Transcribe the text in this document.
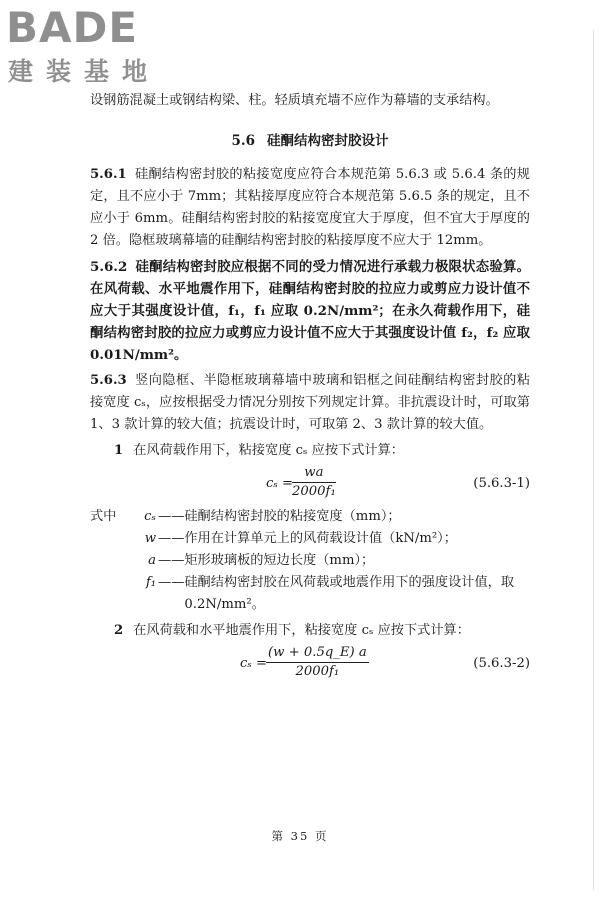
BADE
建装基地

设钢筋混凝土或钢结构梁、柱。轻质填充墙不应作为幕墙的支承结构。

5.6 硅酮结构密封胶设计

5.6.1 硅酮结构密封胶的粘接宽度应符合本规范第 5.6.3 或 5.6.4 条的规定，且不应小于 7mm；其粘接厚度应符合本规范第 5.6.5 条的规定，且不应小于 6mm。硅酮结构密封胶的粘接宽度宜大于厚度，但不宜大于厚度的 2 倍。隐框玻璃幕墙的硅酮结构密封胶的粘接厚度不应大于 12mm。

5.6.2 硅酮结构密封胶应根据不同的受力情况进行承载力极限状态验算。在风荷载、水平地震作用下，硅酮结构密封胶的拉应力或剪应力设计值不应大于其强度设计值，f₁，f₁ 应取 0.2N/mm²；在永久荷载作用下，硅酮结构密封胶的拉应力或剪应力设计值不应大于其强度设计值 f₂，f₂ 应取 0.01N/mm²。

5.6.3 竖向隐框、半隐框玻璃幕墙中玻璃和铝框之间硅酮结构密封胶的粘接宽度 cₛ，应按根据受力情况分别按下列规定计算。非抗震设计时，可取第 1、3 款计算的较大值；抗震设计时，可取第 2、3 款计算的较大值。

1 在风荷载作用下，粘接宽度 cₛ 应按下式计算：

cₛ =
$\frac{wa}{\text{2000f₁}}$	(5.6.3-1)
式中	cₛ —— 硅酮结构密封胶的粘接宽度（mm）；
w —— 作用在计算单元上的风荷载设计值（kN/m²）；
a —— 矩形玻璃板的短边长度（mm）；
f₁ —— 硅酮结构密封胶在风荷载或地震作用下的强度设计值，取 0.2N/mm²。

2 在风荷载和水平地震作用下，粘接宽度 cₛ 应按下式计算：

cₛ =
$\frac{(w + 0.5q\_E) a}{\text{2000f₁}}$	(5.6.3-2)
第 35 页
